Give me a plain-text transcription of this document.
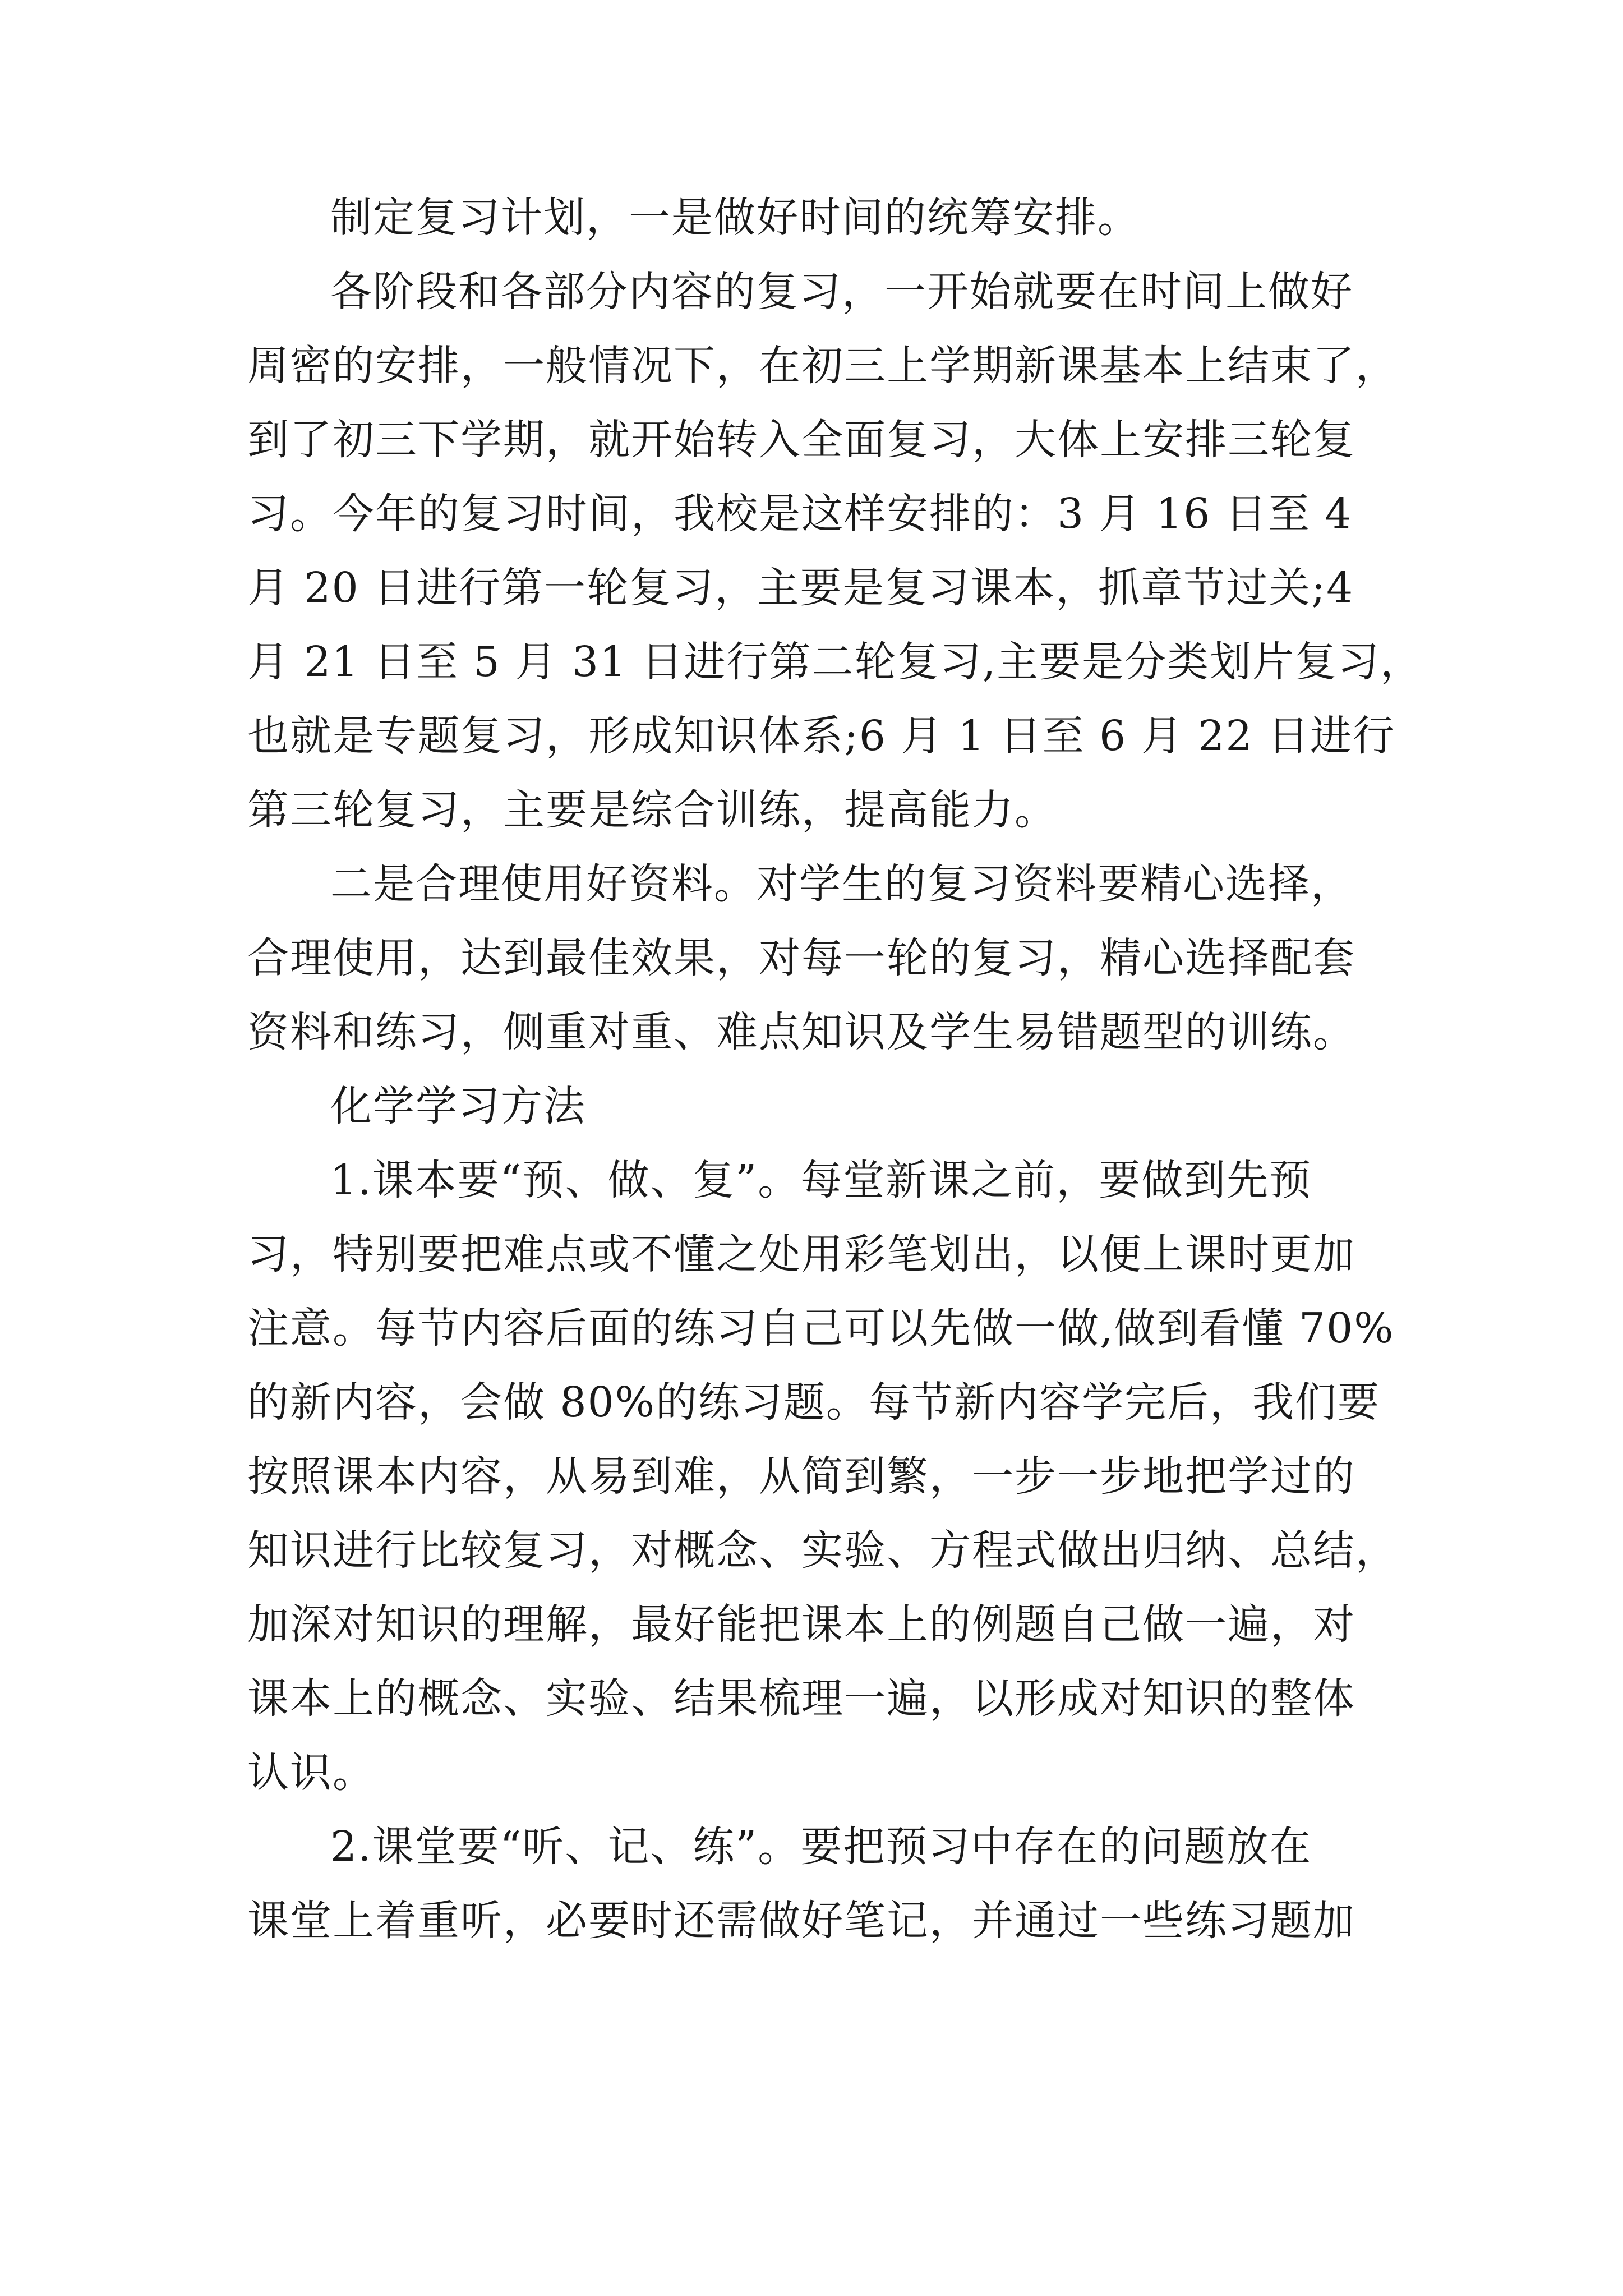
制定复习计划，一是做好时间的统筹安排。
各阶段和各部分内容的复习，一开始就要在时间上做好
周密的安排，一般情况下，在初三上学期新课基本上结束了，
到了初三下学期，就开始转入全面复习，大体上安排三轮复
习。今年的复习时间，我校是这样安排的：3 月 16 日至 4
月 20 日进行第一轮复习，主要是复习课本，抓章节过关;4
月 21 日至 5 月 31 日进行第二轮复习,主要是分类划片复习，
也就是专题复习，形成知识体系;6 月 1 日至 6 月 22 日进行
第三轮复习，主要是综合训练，提高能力。
二是合理使用好资料。对学生的复习资料要精心选择，
合理使用，达到最佳效果，对每一轮的复习，精心选择配套
资料和练习，侧重对重、难点知识及学生易错题型的训练。
化学学习方法
1.课本要“预、做、复”。每堂新课之前，要做到先预
习，特别要把难点或不懂之处用彩笔划出，以便上课时更加
注意。每节内容后面的练习自己可以先做一做,做到看懂 70%
的新内容，会做 80%的练习题。每节新内容学完后，我们要
按照课本内容，从易到难，从简到繁，一步一步地把学过的
知识进行比较复习，对概念、实验、方程式做出归纳、总结，
加深对知识的理解，最好能把课本上的例题自己做一遍，对
课本上的概念、实验、结果梳理一遍，以形成对知识的整体
认识。
2.课堂要“听、记、练”。要把预习中存在的问题放在
课堂上着重听，必要时还需做好笔记，并通过一些练习题加
